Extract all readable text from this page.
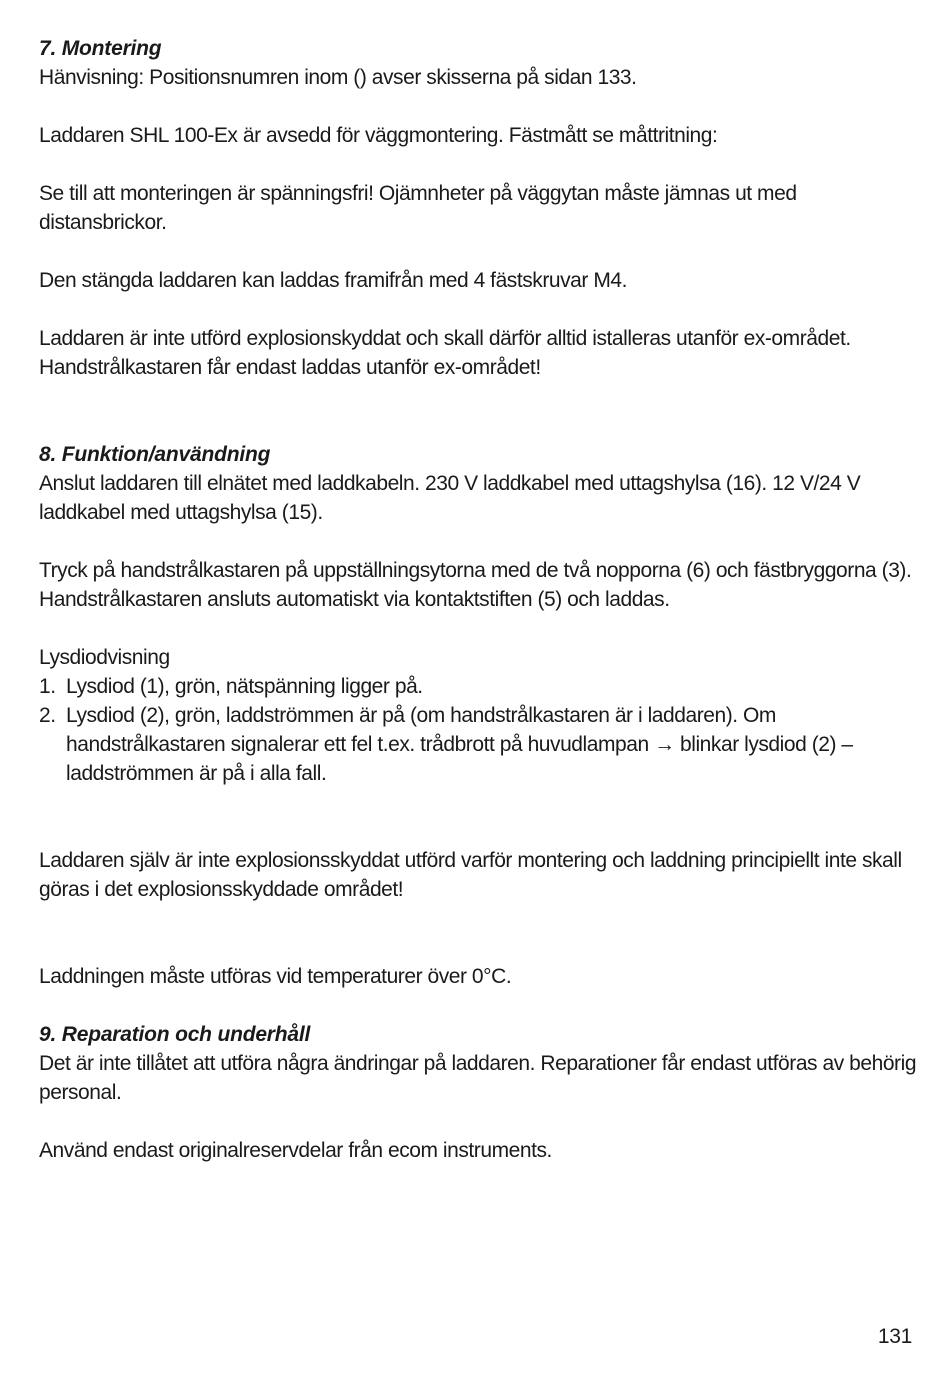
7. Montering

Hänvisning: Positionsnumren inom () avser skisserna på sidan 133.

Laddaren SHL 100-Ex är avsedd för väggmontering. Fästmått se måttritning:

Se till att monteringen är spänningsfri! Ojämnheter på väggytan måste jämnas ut med distansbrickor.

Den stängda laddaren kan laddas framifrån med 4 fästskruvar M4.

Laddaren är inte utförd explosionskyddat och skall därför alltid istalleras utanför ex-området. Handstrålkastaren får endast laddas utanför ex-området!

8. Funktion/användning

Anslut laddaren till elnätet med laddkabeln. 230 V laddkabel med uttagshylsa (16). 12 V/24 V laddkabel med uttagshylsa (15).

Tryck på handstrålkastaren på uppställningsytorna med de två nopporna (6) och fästbryggorna (3). Handstrålkastaren ansluts automatiskt via kontaktstiften (5) och laddas.

Lysdiodvisning

1. Lysdiod (1), grön, nätspänning ligger på.
2. Lysdiod (2), grön, laddströmmen är på (om handstrålkastaren är i laddaren). Om handstrålkastaren signalerar ett fel t.ex. trådbrott på huvudlampan → blinkar lysdiod (2) – laddströmmen är på i alla fall.

Laddaren själv är inte explosionsskyddat utförd varför montering och laddning principiellt inte skall göras i det explosionsskyddade området!

Laddningen måste utföras vid temperaturer över 0°C.

9. Reparation och underhåll

Det är inte tillåtet att utföra några ändringar på laddaren. Reparationer får endast utföras av behörig personal.

Använd endast originalreservdelar från ecom instruments.

131
